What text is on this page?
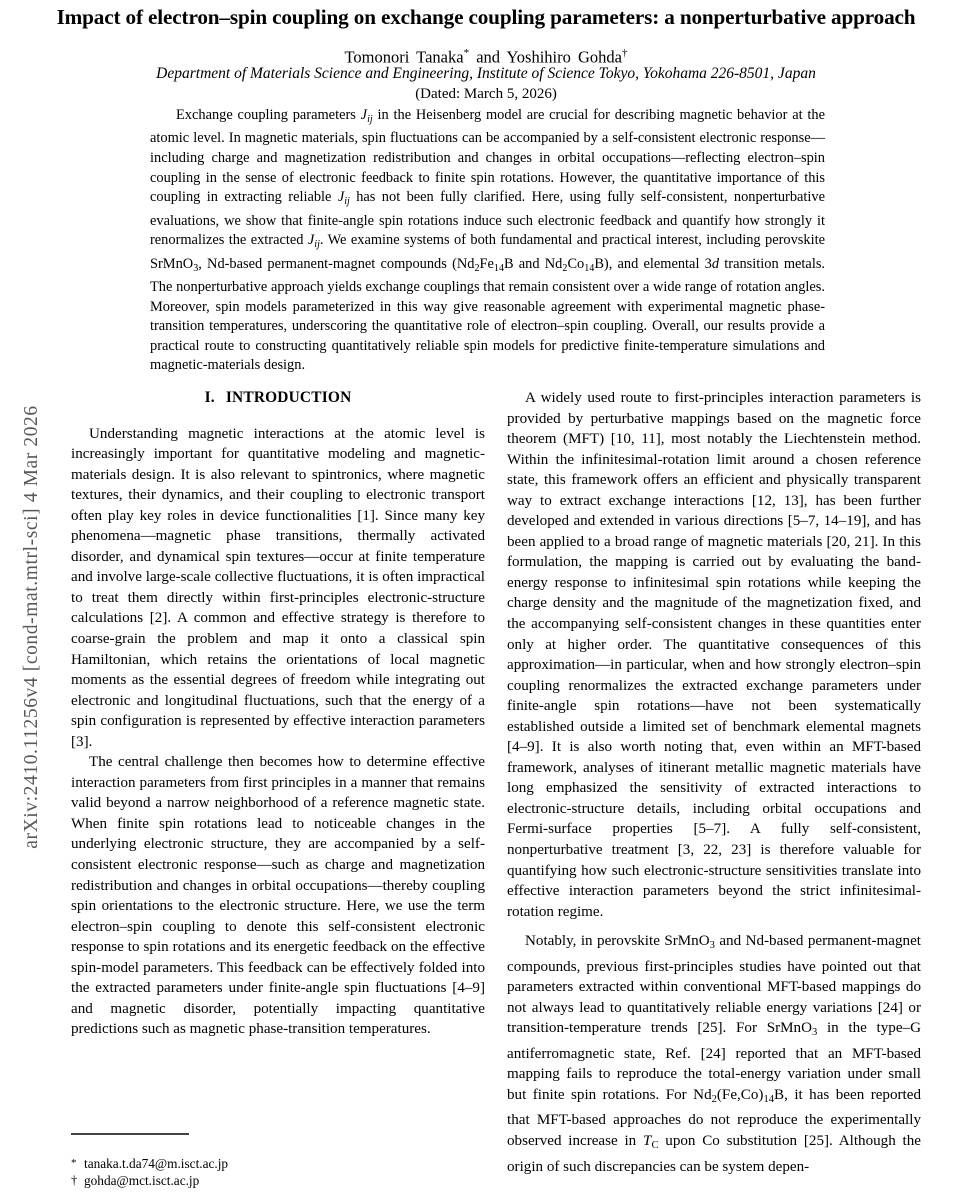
arXiv:2410.11256v4 [cond-mat.mtrl-sci] 4 Mar 2026
Impact of electron–spin coupling on exchange coupling parameters: a nonperturbative approach
Tomonori Tanaka* and Yoshihiro Gohda†
Department of Materials Science and Engineering, Institute of Science Tokyo, Yokohama 226-8501, Japan
(Dated: March 5, 2026)

Exchange coupling parameters $J_{ij}$ in the Heisenberg model are crucial for describing magnetic behavior at the atomic level. In magnetic materials, spin fluctuations can be accompanied by a self-consistent electronic response—including charge and magnetization redistribution and changes in orbital occupations—reflecting electron–spin coupling in the sense of electronic feedback to finite spin rotations. However, the quantitative importance of this coupling in extracting reliable $J_{ij}$ has not been fully clarified. Here, using fully self-consistent, nonperturbative evaluations, we show that finite-angle spin rotations induce such electronic feedback and quantify how strongly it renormalizes the extracted $J_{ij}$. We examine systems of both fundamental and practical interest, including perovskite SrMnO$_3$, Nd-based permanent-magnet compounds ($Nd_2Fe_{14}B$ and $Nd_2Co_{14}B$), and elemental 3d transition metals. The nonperturbative approach yields exchange couplings that remain consistent over a wide range of rotation angles. Moreover, spin models parameterized in this way give reasonable agreement with experimental magnetic phase-transition temperatures, underscoring the quantitative role of electron–spin coupling. Overall, our results provide a practical route to constructing quantitatively reliable spin models for predictive finite-temperature simulations and magnetic-materials design.

I. INTRODUCTION

Understanding magnetic interactions at the atomic level is increasingly important for quantitative modeling and magnetic-materials design. It is also relevant to spintronics, where magnetic textures, their dynamics, and their coupling to electronic transport often play key roles in device functionalities [1]. Since many key phenomena—magnetic phase transitions, thermally activated disorder, and dynamical spin textures—occur at finite temperature and involve large-scale collective fluctuations, it is often impractical to treat them directly within first-principles electronic-structure calculations [2]. A common and effective strategy is therefore to coarse-grain the problem and map it onto a classical spin Hamiltonian, which retains the orientations of local magnetic moments as the essential degrees of freedom while integrating out electronic and longitudinal fluctuations, such that the energy of a spin configuration is represented by effective interaction parameters [3].

The central challenge then becomes how to determine effective interaction parameters from first principles in a manner that remains valid beyond a narrow neighborhood of a reference magnetic state. When finite spin rotations lead to noticeable changes in the underlying electronic structure, they are accompanied by a self-consistent electronic response—such as charge and magnetization redistribution and changes in orbital occupations—thereby coupling spin orientations to the electronic structure. Here, we use the term electron–spin coupling to denote this self-consistent electronic response to spin rotations and its energetic feedback on the effective spin-model parameters. This feedback can be effectively folded into the extracted parameters under finite-angle spin fluctuations [4–9] and magnetic disorder, potentially impacting quantitative predictions such as magnetic phase-transition temperatures.

A widely used route to first-principles interaction parameters is provided by perturbative mappings based on the magnetic force theorem (MFT) [10, 11], most notably the Liechtenstein method. Within the infinitesimal-rotation limit around a chosen reference state, this framework offers an efficient and physically transparent way to extract exchange interactions [12, 13], has been further developed and extended in various directions [5–7, 14–19], and has been applied to a broad range of magnetic materials [20, 21]. In this formulation, the mapping is carried out by evaluating the band-energy response to infinitesimal spin rotations while keeping the charge density and the magnitude of the magnetization fixed, and the accompanying self-consistent changes in these quantities enter only at higher order. The quantitative consequences of this approximation—in particular, when and how strongly electron–spin coupling renormalizes the extracted exchange parameters under finite-angle spin rotations—have not been systematically established outside a limited set of benchmark elemental magnets [4–9]. It is also worth noting that, even within an MFT-based framework, analyses of itinerant metallic magnetic materials have long emphasized the sensitivity of extracted interactions to electronic-structure details, including orbital occupations and Fermi-surface properties [5–7]. A fully self-consistent, nonperturbative treatment [3, 22, 23] is therefore valuable for quantifying how such electronic-structure sensitivities translate into effective interaction parameters beyond the strict infinitesimal-rotation regime.

Notably, in perovskite SrMnO$_3$ and Nd-based permanent-magnet compounds, previous first-principles studies have pointed out that parameters extracted within conventional MFT-based mappings do not always lead to quantitatively reliable energy variations [24] or transition-temperature trends [25]. For SrMnO$_3$ in the type–G antiferromagnetic state, Ref. [24] reported that an MFT-based mapping fails to reproduce the total-energy variation under small but finite spin rotations. For $Nd_2(Fe,Co)_{14}B$, it has been reported that MFT-based approaches do not reproduce the experimentally observed increase in $T_C$ upon Co substitution [25]. Although the origin of such discrepancies can be system depen-

* tanaka.t.da74@m.isct.ac.jp
† gohda@mct.isct.ac.jp
